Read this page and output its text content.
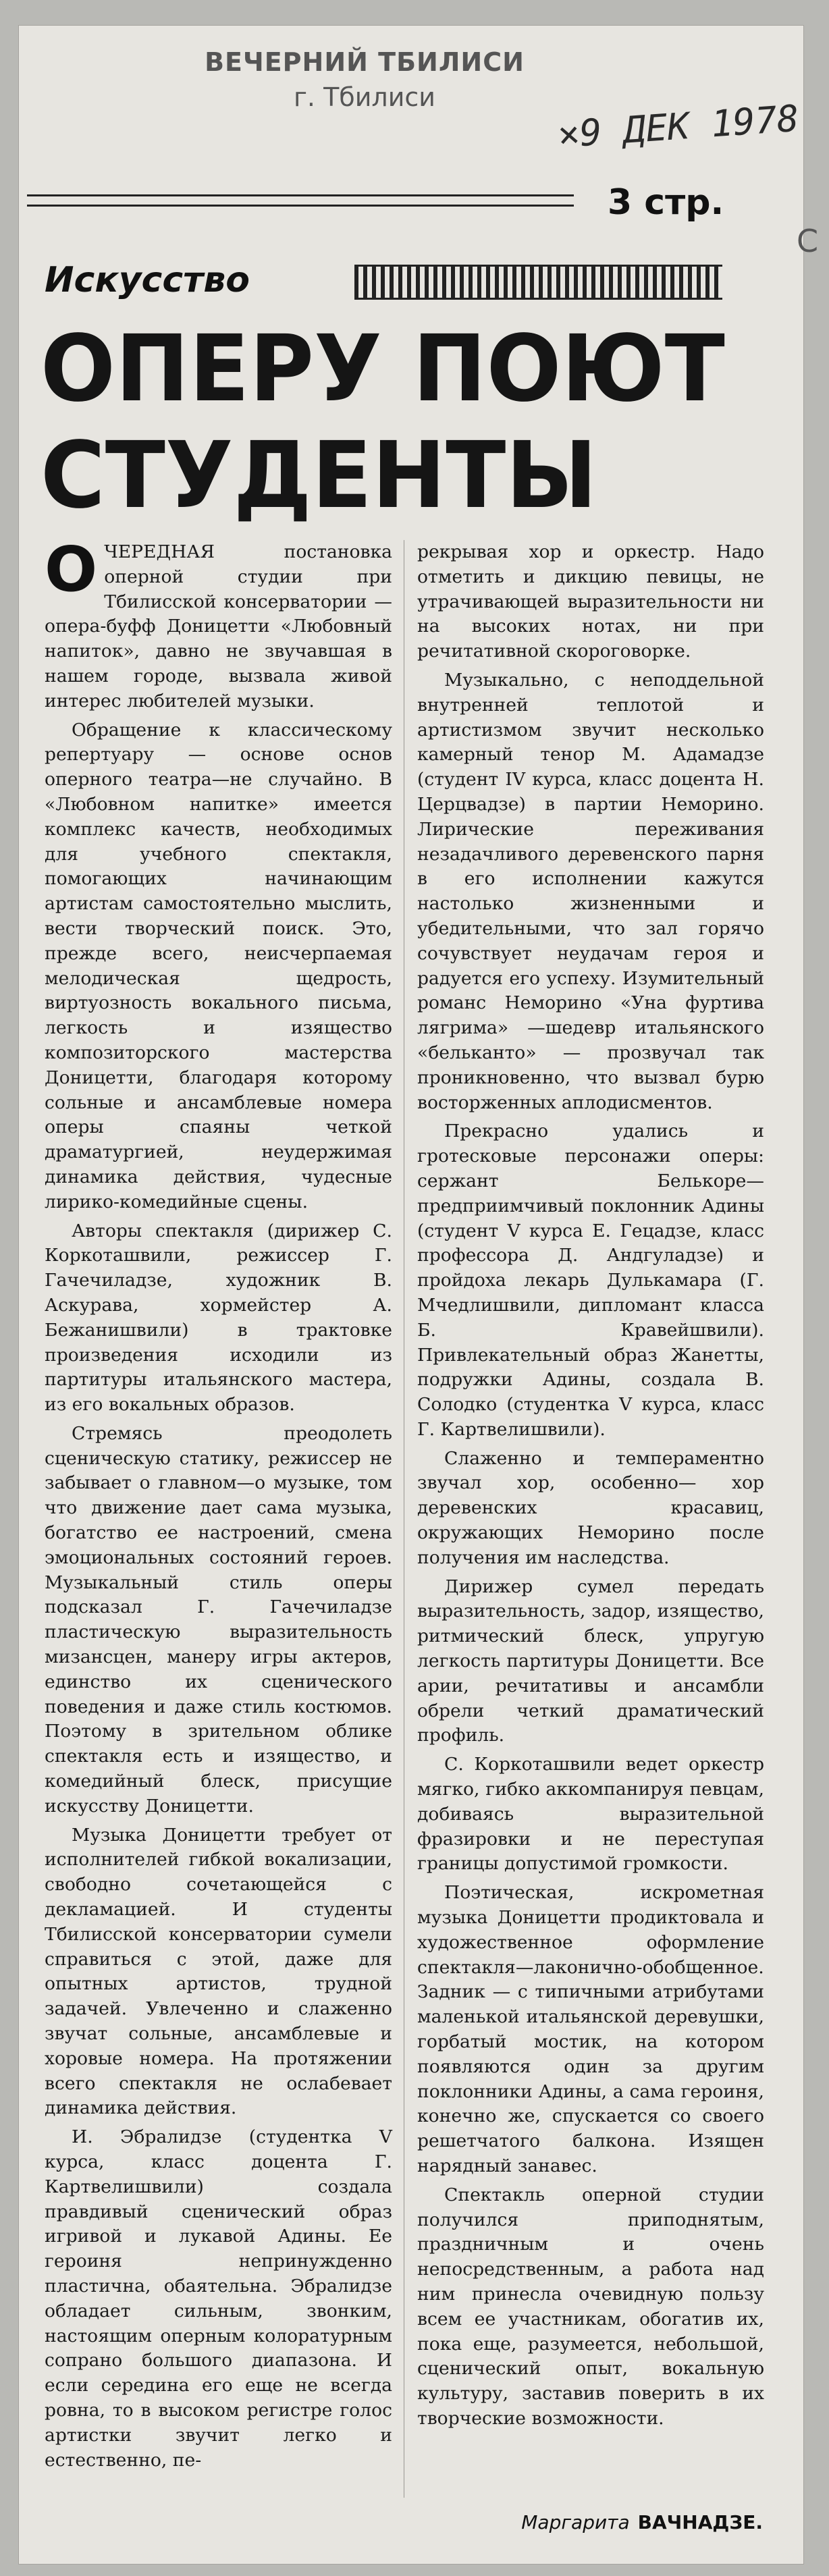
ВЕЧЕРНИЙ ТБИЛИСИ
г. Тбилиси	×9 ДЕК 1978
3 стр.
С
Искусство
ОПЕРУ ПОЮТ
СТУДЕНТЫ

ОЧЕРЕДНАЯ постановка оперной студии при Тбилисской консерватории — опера-буфф Доницетти «Любовный напиток», давно не звучавшая в нашем городе, вызвала живой интерес любителей музыки.

Обращение к классическому репертуару — основе основ оперного театра—не случайно. В «Любовном напитке» имеется комплекс качеств, необходимых для учебного спектакля, помогающих начинающим артистам самостоятельно мыслить, вести творческий поиск. Это, прежде всего, неисчерпаемая мелодическая щедрость, виртуозность вокального письма, легкость и изящество композиторского мастерства Доницетти, благодаря которому сольные и ансамблевые номера оперы спаяны четкой драматургией, неудержимая динамика действия, чудесные лирико-комедийные сцены.

Авторы спектакля (дирижер С. Коркоташвили, режиссер Г. Гачечиладзе, художник В. Аскурава, хормейстер А. Бежанишвили) в трактовке произведения исходили из партитуры итальянского мастера, из его вокальных образов.

Стремясь преодолеть сценическую статику, режиссер не забывает о главном—о музыке, том что движение дает сама музыка, богатство ее настроений, смена эмоциональных состояний героев. Музыкальный стиль оперы подсказал Г. Гачечиладзе пластическую выразительность мизансцен, манеру игры актеров, единство их сценического поведения и даже стиль костюмов. Поэтому в зрительном облике спектакля есть и изящество, и комедийный блеск, присущие искусству Доницетти.

Музыка Доницетти требует от исполнителей гибкой вокализации, свободно сочетающейся с декламацией. И студенты Тбилисской консерватории сумели справиться с этой, даже для опытных артистов, трудной задачей. Увлеченно и слаженно звучат сольные, ансамблевые и хоровые номера. На протяжении всего спектакля не ослабевает динамика действия.

И. Эбралидзе (студентка V курса, класс доцента Г. Картвелишвили) создала правдивый сценический образ игривой и лукавой Адины. Ее героиня непринужденно пластична, обаятельна. Эбралидзе обладает сильным, звонким, настоящим оперным колоратурным сопрано большого диапазона. И если середина его еще не всегда ровна, то в высоком регистре голос артистки звучит легко и естественно, пе-

рекрывая хор и оркестр. Надо отметить и дикцию певицы, не утрачивающей выразительности ни на высоких нотах, ни при речитативной скороговорке.

Музыкально, с неподдельной внутренней теплотой и артистизмом звучит несколько камерный тенор М. Адамадзе (студент IV курса, класс доцента Н. Церцвадзе) в партии Неморино. Лирические переживания незадачливого деревенского парня в его исполнении кажутся настолько жизненными и убедительными, что зал горячо сочувствует неудачам героя и радуется его успеху. Изумительный романс Неморино «Уна фуртива лягрима» —шедевр итальянского «бельканто» — прозвучал так проникновенно, что вызвал бурю восторженных аплодисментов.

Прекрасно удались и гротесковые персонажи оперы: сержант Белькоре—предприимчивый поклонник Адины (студент V курса Е. Гецадзе, класс профессора Д. Андгуладзе) и пройдоха лекарь Дулькамара (Г. Мчедлишвили, дипломант класса Б. Кравейшвили). Привлекательный образ Жанетты, подружки Адины, создала В. Солодко (студентка V курса, класс Г. Картвелишвили).

Слаженно и темпераментно звучал хор, особенно— хор деревенских красавиц, окружающих Неморино после получения им наследства.

Дирижер сумел передать выразительность, задор, изящество, ритмический блеск, упругую легкость партитуры Доницетти. Все арии, речитативы и ансамбли обрели четкий драматический профиль.

С. Коркоташвили ведет оркестр мягко, гибко аккомпанируя певцам, добиваясь выразительной фразировки и не переступая границы допустимой громкости.

Поэтическая, искрометная музыка Доницетти продиктовала и художественное оформление спектакля—лаконично-обобщенное. Задник — с типичными атрибутами маленькой итальянской деревушки, горбатый мостик, на котором появляются один за другим поклонники Адины, а сама героиня, конечно же, спускается со своего решетчатого балкона. Изящен нарядный занавес.

Спектакль оперной студии получился приподнятым, праздничным и очень непосредственным, а работа над ним принесла очевидную пользу всем ее участникам, обогатив их, пока еще, разумеется, небольшой, сценический опыт, вокальную культуру, заставив поверить в их творческие возможности.

Маргарита ВАЧНАДЗЕ.
